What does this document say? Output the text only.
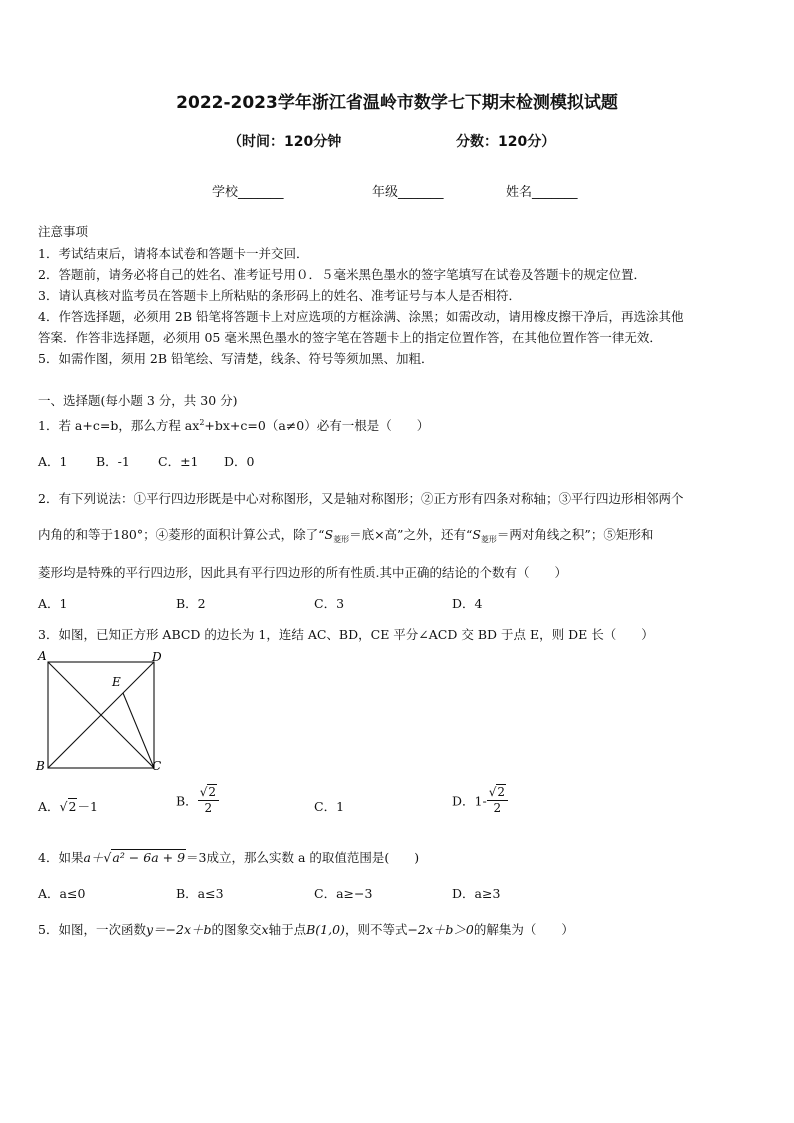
2022-2023学年浙江省温岭市数学七下期末检测模拟试题
（时间：120分钟	分数：120分）
学校_______	年级_______	姓名_______
注意事项
1．考试结束后，请将本试卷和答题卡一并交回．
2．答题前，请务必将自己的姓名、准考证号用０．５毫米黑色墨水的签字笔填写在试卷及答题卡的规定位置．
3．请认真核对监考员在答题卡上所粘贴的条形码上的姓名、准考证号与本人是否相符．
4．作答选择题，必须用 2B 铅笔将答题卡上对应选项的方框涂满、涂黑；如需改动，请用橡皮擦干净后，再选涂其他
答案．作答非选择题，必须用 05 毫米黑色墨水的签字笔在答题卡上的指定位置作答，在其他位置作答一律无效．
5．如需作图，须用 2B 铅笔绘、写清楚，线条、符号等须加黑、加粗．
一、选择题(每小题 3 分，共 30 分)
1．若 a+c=b，那么方程 $ax^2+bx+c=0(a\ne 0)$必有一根是（　　）
A．1 B．-1 C．±1 D．0
2．有下列说法：①平行四边形既是中心对称图形，又是轴对称图形；②正方形有四条对称轴；③平行四边形相邻两个
内角的和等于180°；④菱形的面积计算公式，除了“$S_{菱形}=$底×高”之外，还有“$S_{菱形}=$两对角线之积”；⑤矩形和
菱形均是特殊的平行四边形，因此具有平行四边形的所有性质.其中正确的结论的个数有（　　）
A．1	B．2	C．3	D．4
3．如图，已知正方形 ABCD 的边长为 1，连结 AC、BD，CE 平分∠ACD 交 BD 于点 E，则 DE 长（　　）
A	D
E
B	C
A．√2－1	B． $\frac{√2}{2}$	C．1	D．$1- \frac{√2}{2}$
4．如果a＋√a² − 6a + 9＝3成立，那么实数 a 的取值范围是(　　)
A．a≤0	B．a≤3	C．a≥−3	D．a≥3
5．如图，一次函数y＝−2x＋b的图象交x轴于点B(1,0)，则不等式−2x＋b＞0的解集为（　　）
